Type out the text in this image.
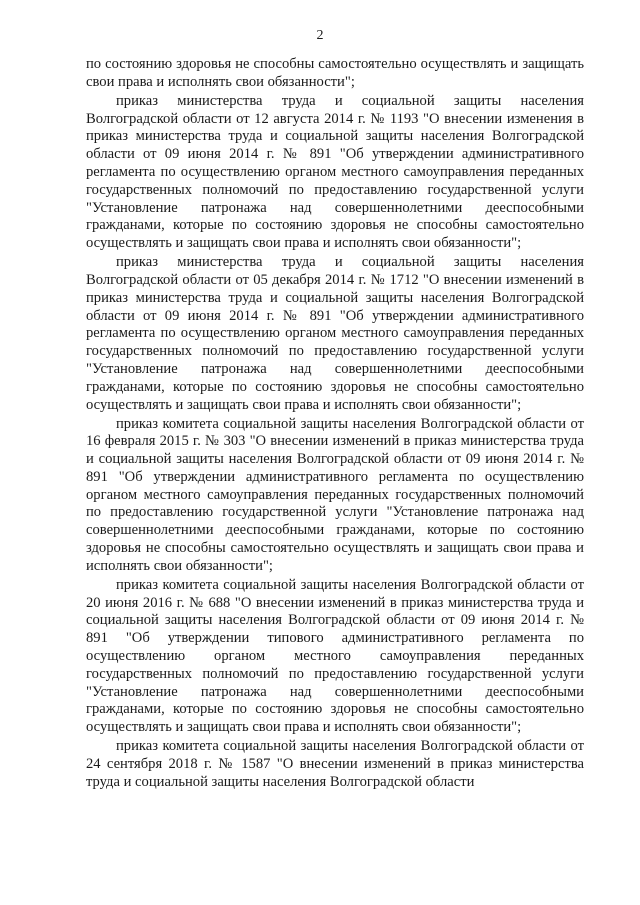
2

по состоянию здоровья не способны самостоятельно осуществлять и защищать свои права и исполнять свои обязанности";

приказ министерства труда и социальной защиты населения Волгоградской области от 12 августа 2014 г. № 1193 "О внесении изменения в приказ министерства труда и социальной защиты населения Волгоградской области от 09 июня 2014 г. № 891 "Об утверждении административного регламента по осуществлению органом местного самоуправления переданных государственных полномочий по предоставлению государственной услуги "Установление патронажа над совершеннолетними дееспособными гражданами, которые по состоянию здоровья не способны самостоятельно осуществлять и защищать свои права и исполнять свои обязанности";

приказ министерства труда и социальной защиты населения Волгоградской области от 05 декабря 2014 г. № 1712 "О внесении изменений в приказ министерства труда и социальной защиты населения Волгоградской области от 09 июня 2014 г. № 891 "Об утверждении административного регламента по осуществлению органом местного самоуправления переданных государственных полномочий по предоставлению государственной услуги "Установление патронажа над совершеннолетними дееспособными гражданами, которые по состоянию здоровья не способны самостоятельно осуществлять и защищать свои права и исполнять свои обязанности";

приказ комитета социальной защиты населения Волгоградской области от 16 февраля 2015 г. № 303 "О внесении изменений в приказ министерства труда и социальной защиты населения Волгоградской области от 09 июня 2014 г. № 891 "Об утверждении административного регламента по осуществлению органом местного самоуправления переданных государственных полномочий по предоставлению государственной услуги "Установление патронажа над совершеннолетними дееспособными гражданами, которые по состоянию здоровья не способны самостоятельно осуществлять и защищать свои права и исполнять свои обязанности";

приказ комитета социальной защиты населения Волгоградской области от 20 июня 2016 г. № 688 "О внесении изменений в приказ министерства труда и социальной защиты населения Волгоградской области от 09 июня 2014 г. № 891 "Об утверждении типового административного регламента по осуществлению органом местного самоуправления переданных государственных полномочий по предоставлению государственной услуги "Установление патронажа над совершеннолетними дееспособными гражданами, которые по состоянию здоровья не способны самостоятельно осуществлять и защищать свои права и исполнять свои обязанности";

приказ комитета социальной защиты населения Волгоградской области от 24 сентября 2018 г. № 1587 "О внесении изменений в приказ министерства труда и социальной защиты населения Волгоградской области
